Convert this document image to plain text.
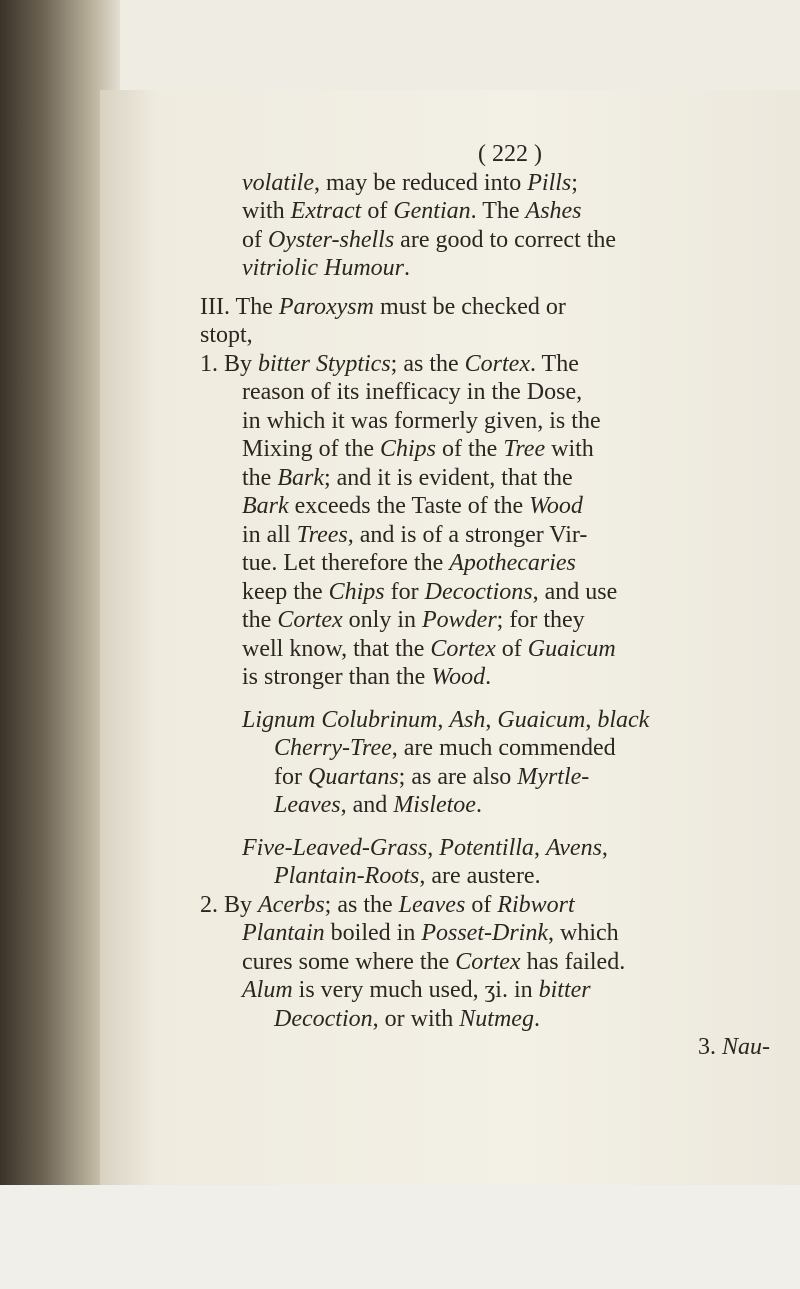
( 222 )
volatile, may be reduced into Pills;
with Extract of Gentian. The Ashes
of Oyster-shells are good to correct the
vitriolic Humour.
III. The Paroxysm must be checked or
stopt,
1. By bitter Styptics; as the Cortex. The
reason of its inefficacy in the Dose,
in which it was formerly given, is the
Mixing of the Chips of the Tree with
the Bark; and it is evident, that the
Bark exceeds the Taste of the Wood
in all Trees, and is of a stronger Vir-
tue. Let therefore the Apothecaries
keep the Chips for Decoctions, and use
the Cortex only in Powder; for they
well know, that the Cortex of Guaicum
is stronger than the Wood.
Lignum Colubrinum, Ash, Guaicum, black
Cherry-Tree, are much commended
for Quartans; as are also Myrtle-
Leaves, and Misletoe.
Five-Leaved-Grass, Potentilla, Avens,
Plantain-Roots, are austere.
2. By Acerbs; as the Leaves of Ribwort
Plantain boiled in Posset-Drink, which
cures some where the Cortex has failed.
Alum is very much used, ʒi. in bitter
Decoction, or with Nutmeg.
3. Nau-
